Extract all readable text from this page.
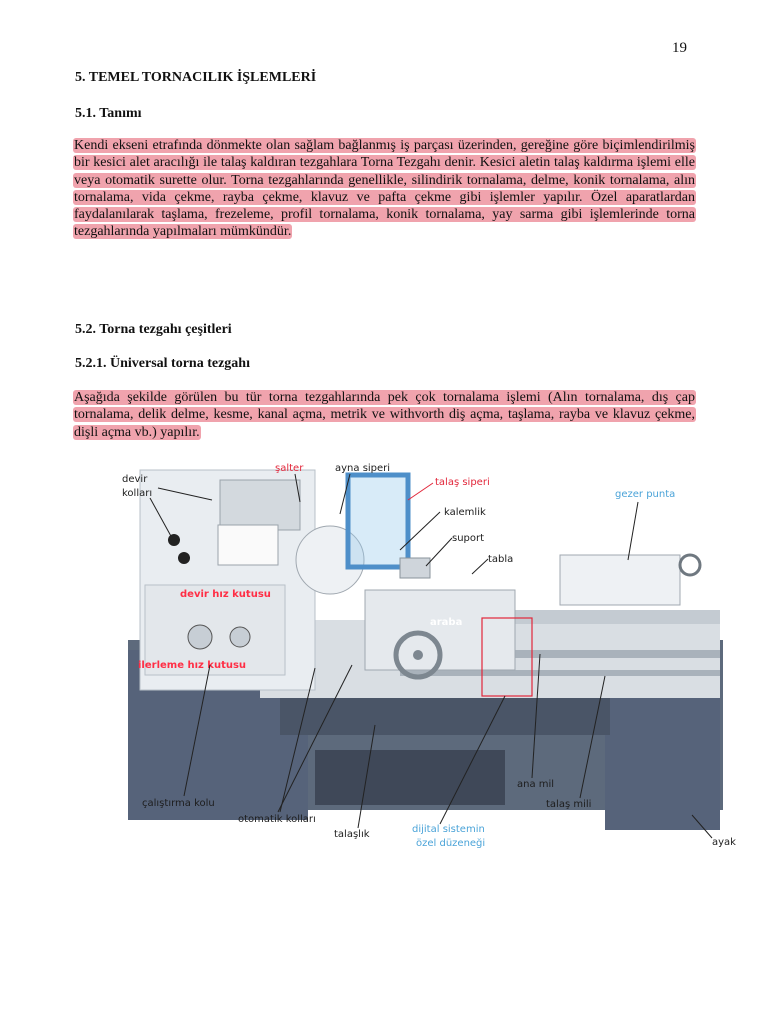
19
5. TEMEL TORNACILIK İŞLEMLERİ
5.1. Tanımı
Kendi ekseni etrafında dönmekte olan sağlam bağlanmış iş parçası üzerinden, gereğine göre biçimlendirilmiş bir kesici alet aracılığı ile talaş kaldıran tezgahlara Torna Tezgahı denir. Kesici aletin talaş kaldırma işlemi elle veya otomatik surette olur. Torna tezgahlarında genellikle, silindirik tornalama, delme, konik tornalama, alın tornalama, vida çekme, rayba çekme, klavuz ve pafta çekme gibi işlemler yapılır. Özel aparatlardan faydalanılarak taşlama, frezeleme, profil tornalama, konik tornalama, yay sarma gibi işlemlerinde torna tezgahlarında yapılmaları mümkündür.
5.2. Torna tezgahı çeşitleri
5.2.1. Üniversal torna tezgahı
Aşağıda şekilde görülen bu tür torna tezgahlarında pek çok tornalama işlemi (Alın tornalama, dış çap tornalama, delik delme, kesme, kanal açma, metrik ve withvorth diş açma, taşlama, rayba ve klavuz çekme, dişli açma vb.) yapılır.
devir
kolları
şalter	ayna siperi
talaş siperi
gezer punta
kalemlik
suport
tabla
devir hız kutusu
araba
ilerleme hız kutusu
ana mil
talaş mili
çalıştırma kolu
otomatik kolları
talaşlık	dijital sistemin
özel düzeneği	ayak
